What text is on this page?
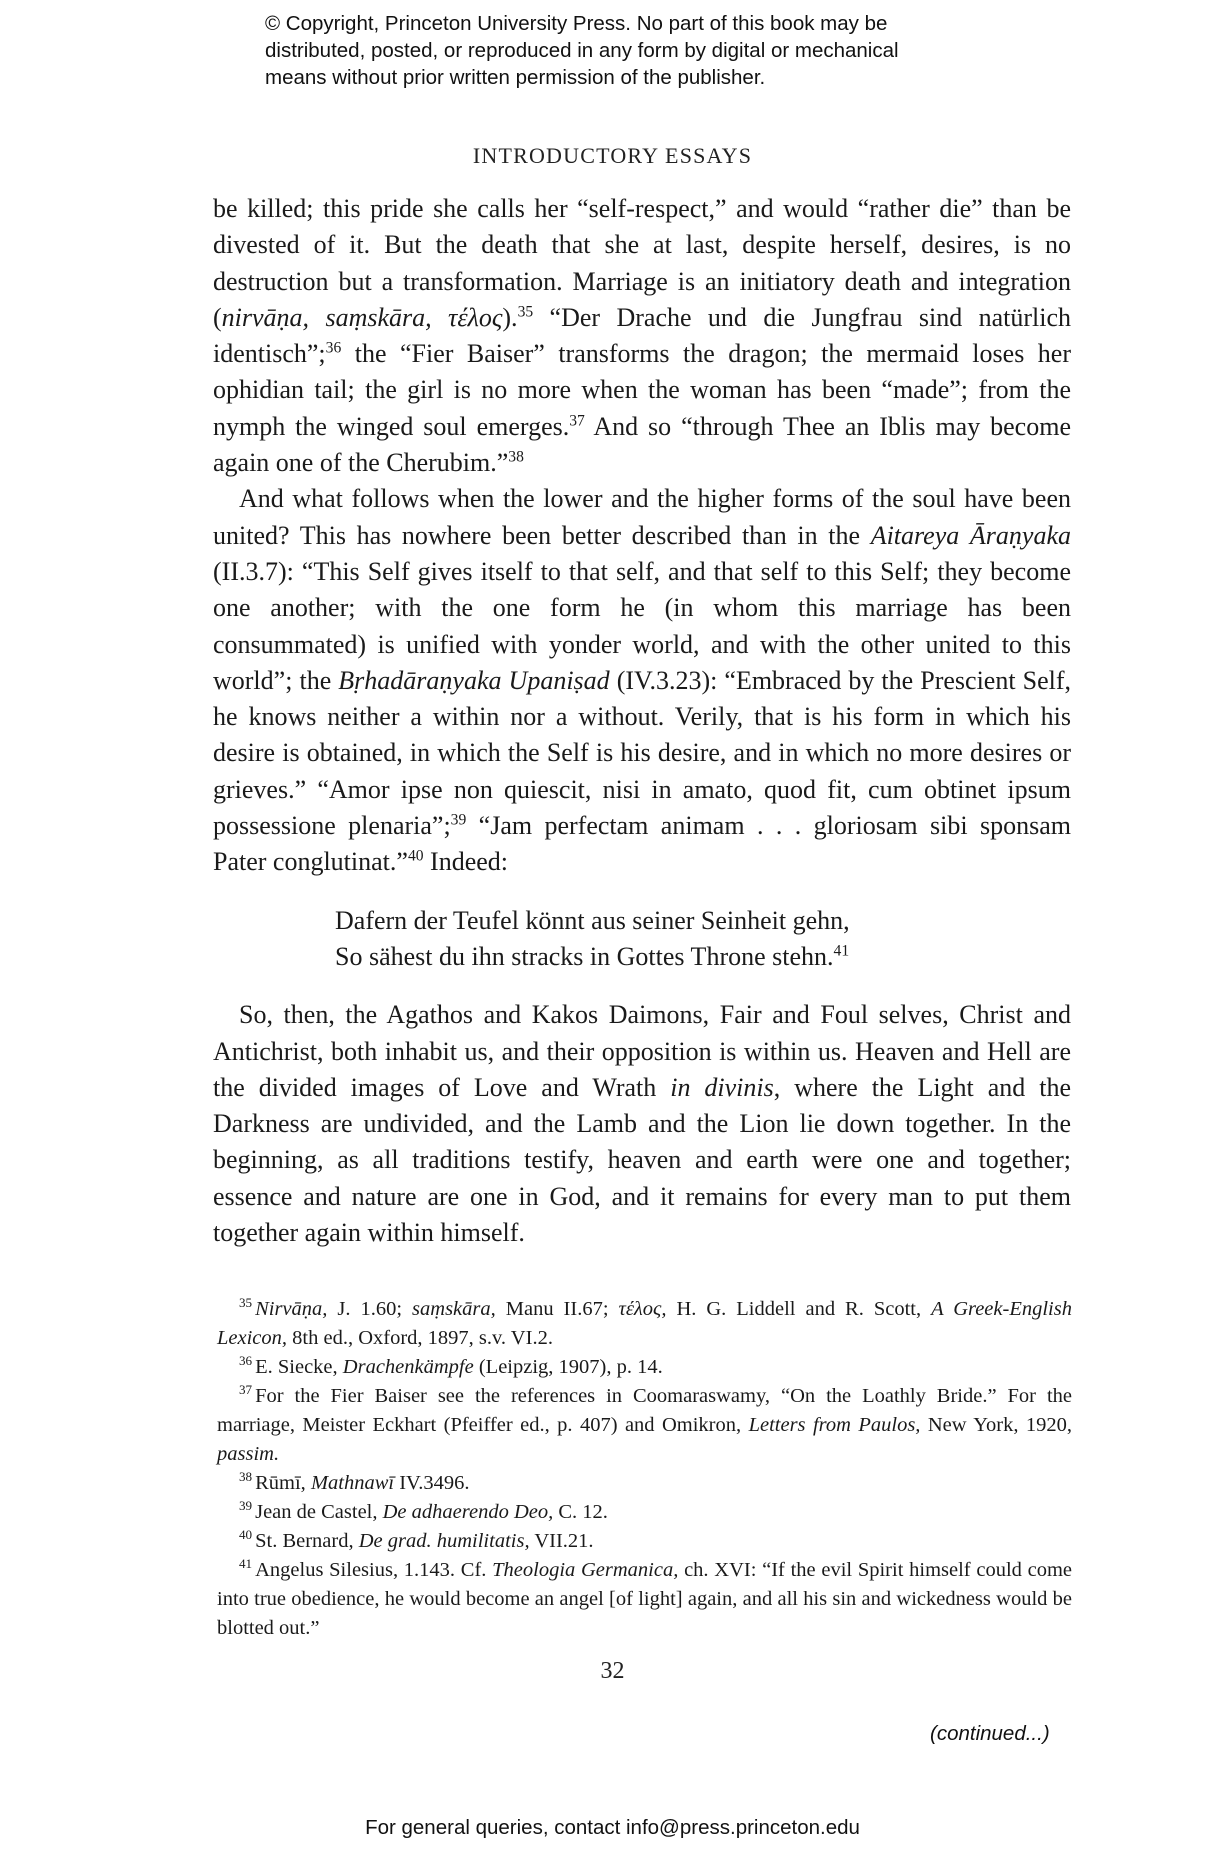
© Copyright, Princeton University Press. No part of this book may be
distributed, posted, or reproduced in any form by digital or mechanical
means without prior written permission of the publisher.
INTRODUCTORY ESSAYS

be killed; this pride she calls her “self-respect,” and would “rather die” than be divested of it. But the death that she at last, despite herself, desires, is no destruction but a transformation. Marriage is an initiatory death and integration (nirvāṇa, saṃskāra, τέλος).$^{35}$ “Der Drache und die Jungfrau sind natürlich identisch”;$^{36}$ the “Fier Baiser” transforms the dragon; the mermaid loses her ophidian tail; the girl is no more when the woman has been “made”; from the nymph the winged soul emerges.$^{37}$ And so “through Thee an Iblis may become again one of the Cherubim.”$^{38}$

And what follows when the lower and the higher forms of the soul have been united? This has nowhere been better described than in the Aitareya Āraṇyaka (II.3.7): “This Self gives itself to that self, and that self to this Self; they become one another; with the one form he (in whom this marriage has been consummated) is unified with yonder world, and with the other united to this world”; the Bṛhadāraṇyaka Upaniṣad (IV.3.23): “Embraced by the Prescient Self, he knows neither a within nor a without. Verily, that is his form in which his desire is obtained, in which the Self is his desire, and in which no more desires or grieves.” “Amor ipse non quiescit, nisi in amato, quod fit, cum obtinet ipsum possessione plenaria”;$^{39}$ “Jam perfectam animam . . . gloriosam sibi sponsam Pater conglutinat.”$^{40}$ Indeed:

Dafern der Teufel könnt aus seiner Seinheit gehn,
So sähest du ihn stracks in Gottes Throne stehn.$^{41}$

So, then, the Agathos and Kakos Daimons, Fair and Foul selves, Christ and Antichrist, both inhabit us, and their opposition is within us. Heaven and Hell are the divided images of Love and Wrath in divinis, where the Light and the Darkness are undivided, and the Lamb and the Lion lie down together. In the beginning, as all traditions testify, heaven and earth were one and together; essence and nature are one in God, and it remains for every man to put them together again within himself.

$^{35}$ Nirvāṇa, J. 1.60; saṃskāra, Manu II.67; τέλος, H. G. Liddell and R. Scott, A Greek-English Lexicon, 8th ed., Oxford, 1897, s.v. VI.2.

$^{36}$ E. Siecke, Drachenkämpfe (Leipzig, 1907), p. 14.

$^{37}$ For the Fier Baiser see the references in Coomaraswamy, “On the Loathly Bride.” For the marriage, Meister Eckhart (Pfeiffer ed., p. 407) and Omikron, Letters from Paulos, New York, 1920, passim.

$^{38}$ Rūmī, Mathnawī IV.3496.

$^{39}$ Jean de Castel, De adhaerendo Deo, C. 12.

$^{40}$ St. Bernard, De grad. humilitatis, VII.21.

$^{41}$ Angelus Silesius, 1.143. Cf. Theologia Germanica, ch. XVI: “If the evil Spirit himself could come into true obedience, he would become an angel [of light] again, and all his sin and wickedness would be blotted out.”

32
(continued...)
For general queries, contact info@press.princeton.edu
